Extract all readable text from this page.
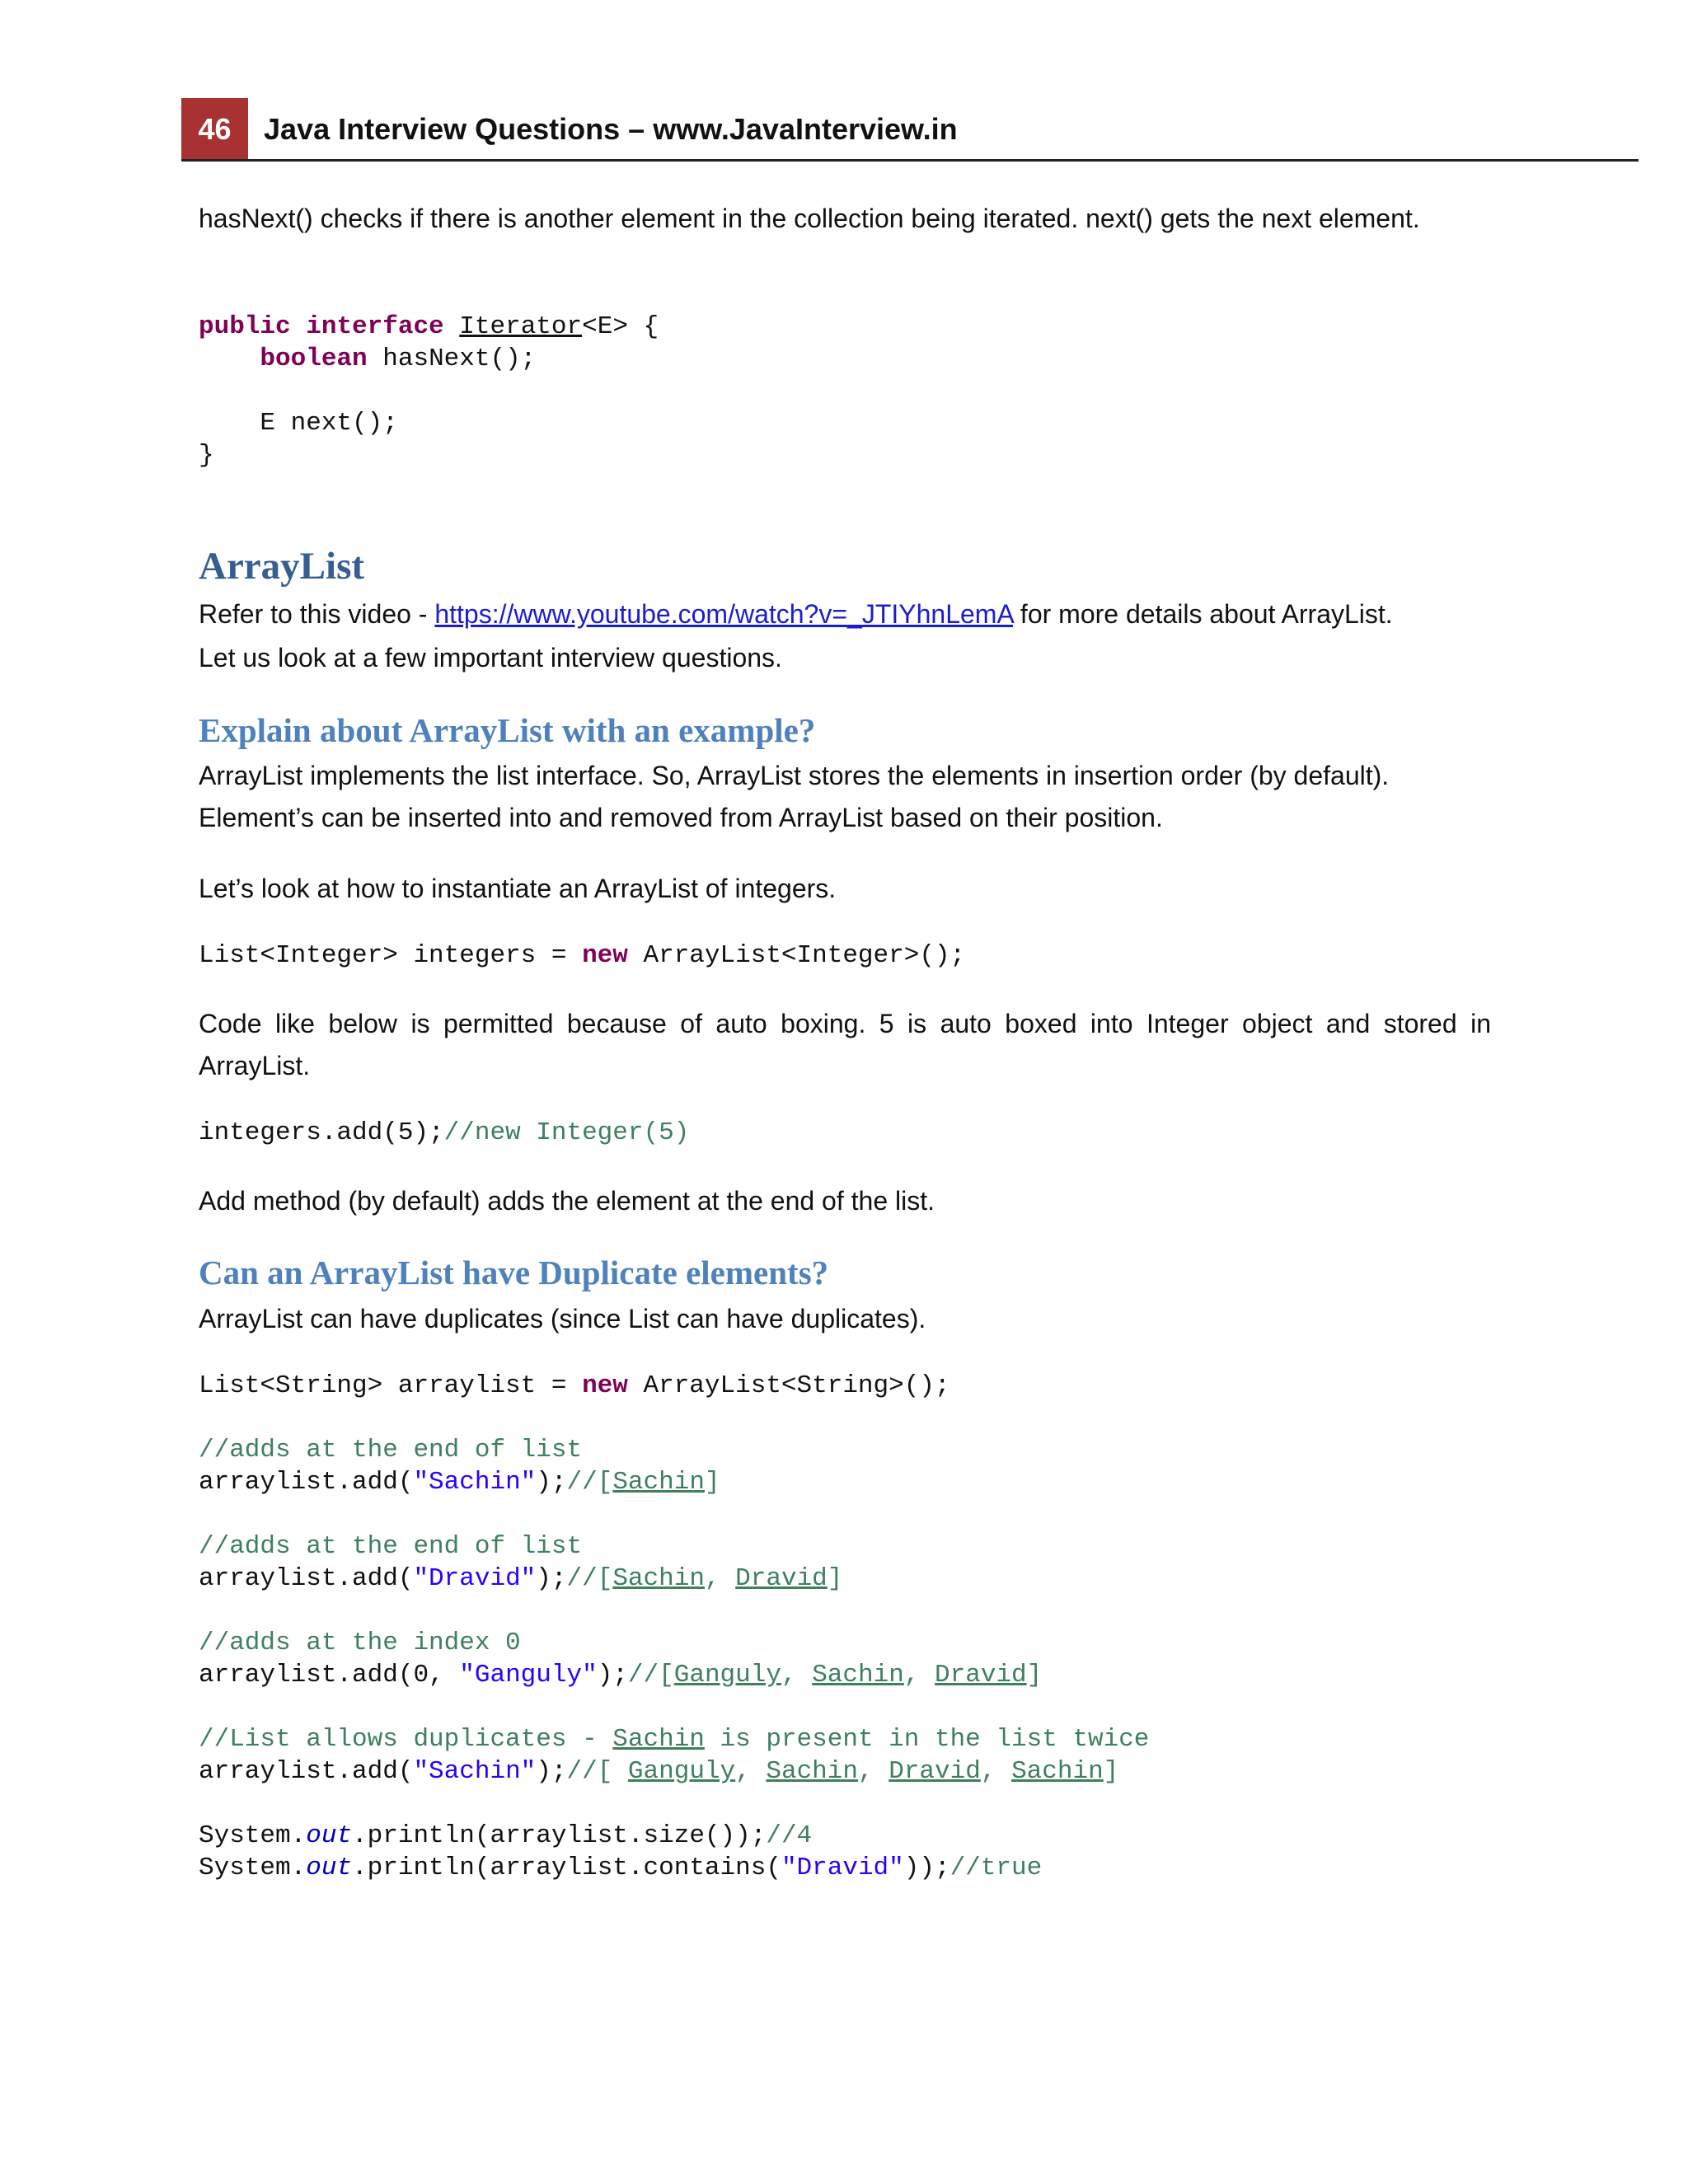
46	Java Interview Questions – www.JavaInterview.in

hasNext() checks if there is another element in the collection being iterated. next() gets the next element.

public interface Iterator<E> {
boolean hasNext();

E next();
}
ArrayList
Refer to this video - https://www.youtube.com/watch?v=_JTIYhnLemA for more details about ArrayList.
Let us look at a few important interview questions.
Explain about ArrayList with an example?

ArrayList implements the list interface. So, ArrayList stores the elements in insertion order (by default). Element’s can be inserted into and removed from ArrayList based on their position.

Let’s look at how to instantiate an ArrayList of integers.
List<Integer> integers = new ArrayList<Integer>();

Code like below is permitted because of auto boxing. 5 is auto boxed into Integer object and stored in ArrayList.

integers.add(5);//new Integer(5)
Add method (by default) adds the element at the end of the list.
Can an ArrayList have Duplicate elements?
ArrayList can have duplicates (since List can have duplicates).
List<String> arraylist = new ArrayList<String>();

//adds at the end of list
arraylist.add("Sachin");//[Sachin]

//adds at the end of list
arraylist.add("Dravid");//[Sachin, Dravid]

//adds at the index 0
arraylist.add(0, "Ganguly");//[Ganguly, Sachin, Dravid]

//List allows duplicates - Sachin is present in the list twice
arraylist.add("Sachin");//[ Ganguly, Sachin, Dravid, Sachin]

System.out.println(arraylist.size());//4
System.out.println(arraylist.contains("Dravid"));//true
